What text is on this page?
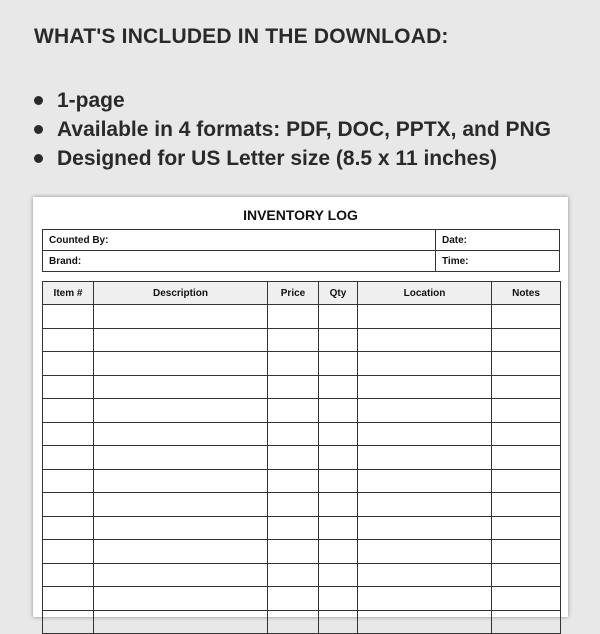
WHAT'S INCLUDED IN THE DOWNLOAD:
1-page
Available in 4 formats: PDF, DOC, PPTX, and PNG
Designed for US Letter size (8.5 x 11 inches)
INVENTORY LOG
Counted By:	Date:
Brand:	Time:
Item #	Description	Price	Qty	Location	Notes
